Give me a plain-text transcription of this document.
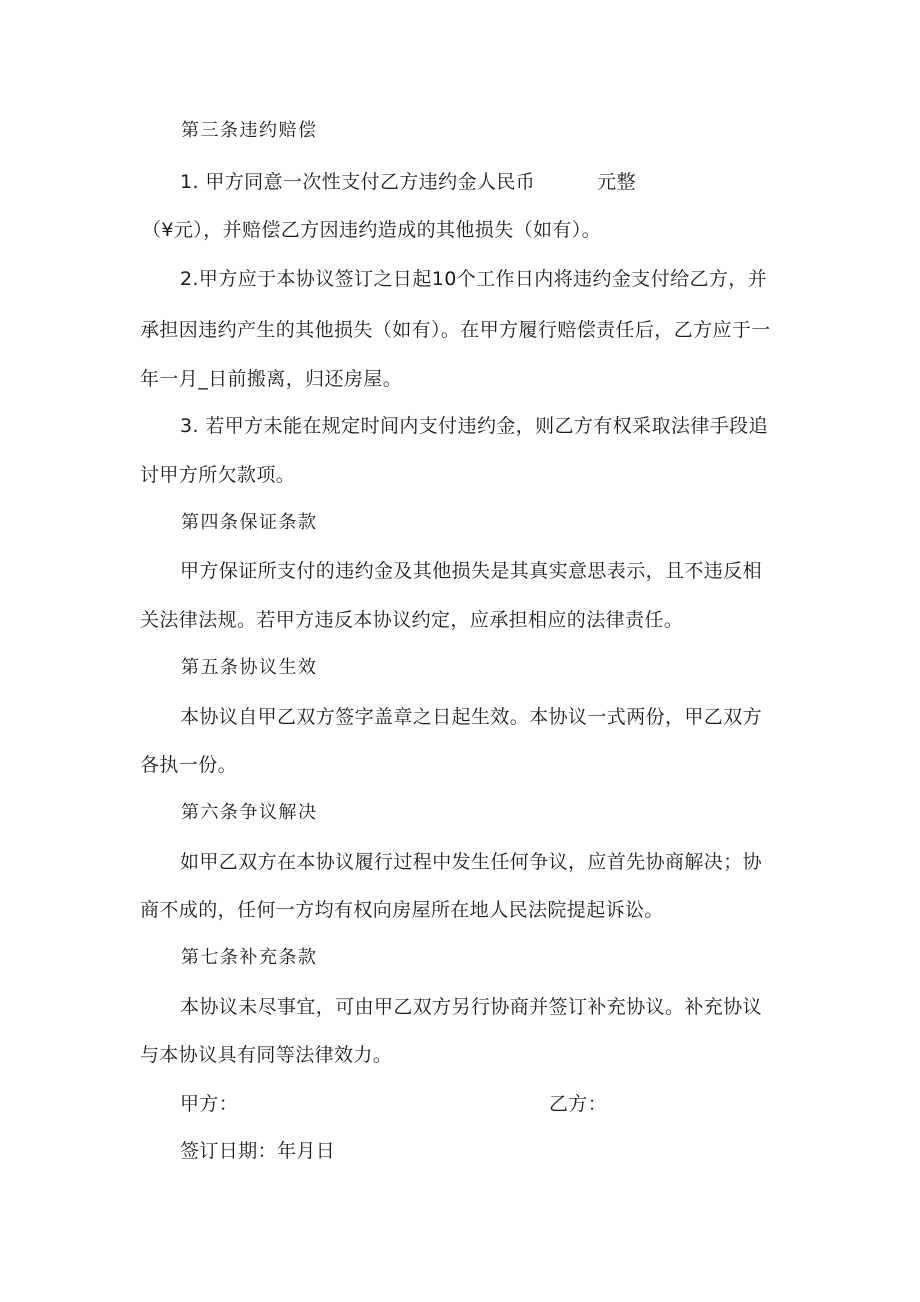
第三条违约赔偿
1. 甲方同意一次性支付乙方违约金人民币	元整
（¥元），并赔偿乙方因违约造成的其他损失（如有）。
2.甲方应于本协议签订之日起10个工作日内将违约金支付给乙方，并
承担因违约产生的其他损失（如有）。在甲方履行赔偿责任后，乙方应于一
年一月_日前搬离，归还房屋。
3. 若甲方未能在规定时间内支付违约金，则乙方有权采取法律手段追
讨甲方所欠款项。
第四条保证条款
甲方保证所支付的违约金及其他损失是其真实意思表示，且不违反相
关法律法规。若甲方违反本协议约定，应承担相应的法律责任。
第五条协议生效
本协议自甲乙双方签字盖章之日起生效。本协议一式两份，甲乙双方
各执一份。
第六条争议解决
如甲乙双方在本协议履行过程中发生任何争议，应首先协商解决；协
商不成的，任何一方均有权向房屋所在地人民法院提起诉讼。
第七条补充条款
本协议未尽事宜，可由甲乙双方另行协商并签订补充协议。补充协议
与本协议具有同等法律效力。
甲方：	乙方：
签订日期：年月日
